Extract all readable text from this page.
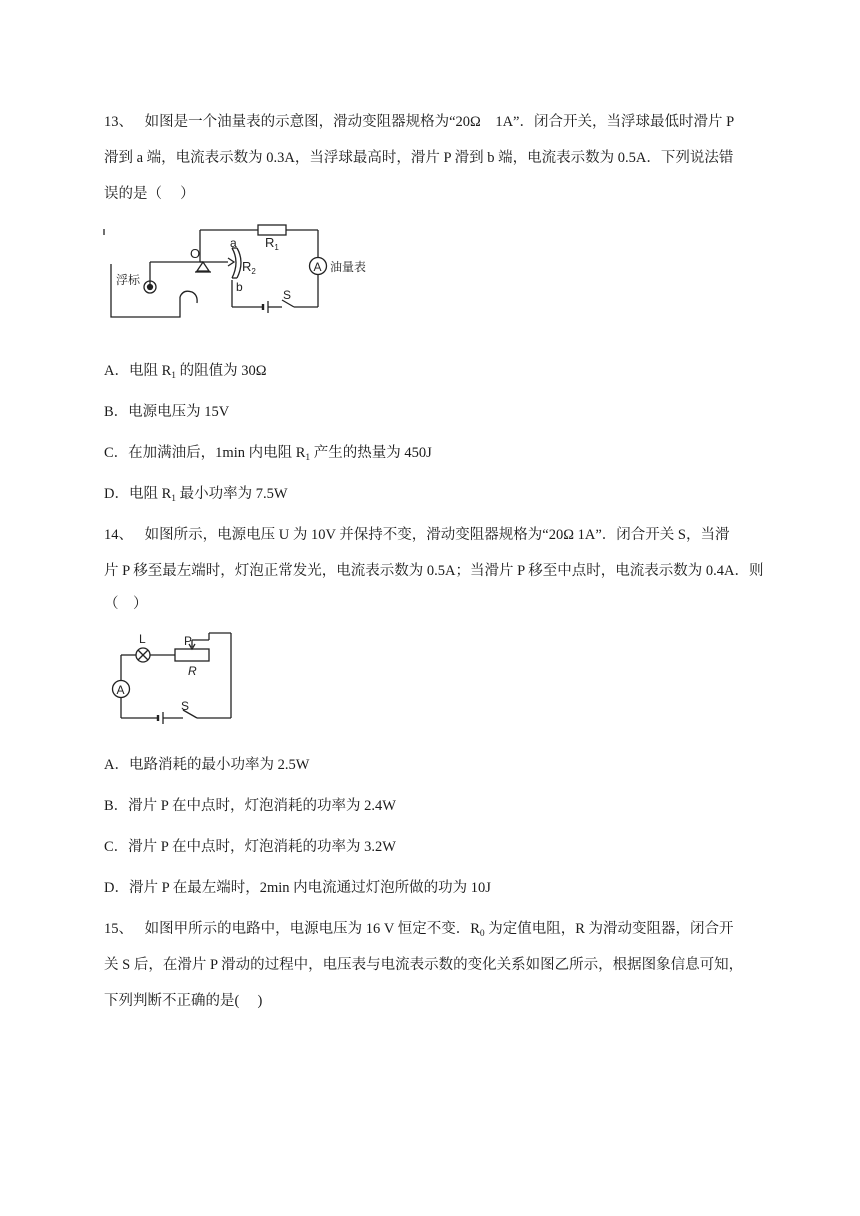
13、 如图是一个油量表的示意图，滑动变阻器规格为“20Ω　1A”．闭合开关，当浮球最低时滑片 P
滑到 a 端，电流表示数为 0.3A，当浮球最高时，滑片 P 滑到 b 端，电流表示数为 0.5A．下列说法错
误的是（　 ）
浮标
O
a
b
$R_1$
$R_2$	A 油量表
S
A．电阻 $R_1$ 的阻值为 30Ω
B．电源电压为 15V
C．在加满油后，1min 内电阻 $R_1$ 产生的热量为 450J
D．电阻 $R_1$ 最小功率为 7.5W
14、 如图所示，电源电压 U 为 10V 并保持不变，滑动变阻器规格为“20Ω 1A”．闭合开关 S，当滑
片 P 移至最左端时，灯泡正常发光，电流表示数为 0.5A；当滑片 P 移至中点时，电流表示数为 0.4A．则
（　）
L	P
R
A
S
A．电路消耗的最小功率为 2.5W
B．滑片 P 在中点时，灯泡消耗的功率为 2.4W
C．滑片 P 在中点时，灯泡消耗的功率为 3.2W
D．滑片 P 在最左端时，2min 内电流通过灯泡所做的功为 10J
15、 如图甲所示的电路中，电源电压为 16 V 恒定不变．$R_0$ 为定值电阻，R 为滑动变阻器，闭合开
关 S 后，在滑片 P 滑动的过程中，电压表与电流表示数的变化关系如图乙所示，根据图象信息可知，
下列判断不正确的是(　 )
